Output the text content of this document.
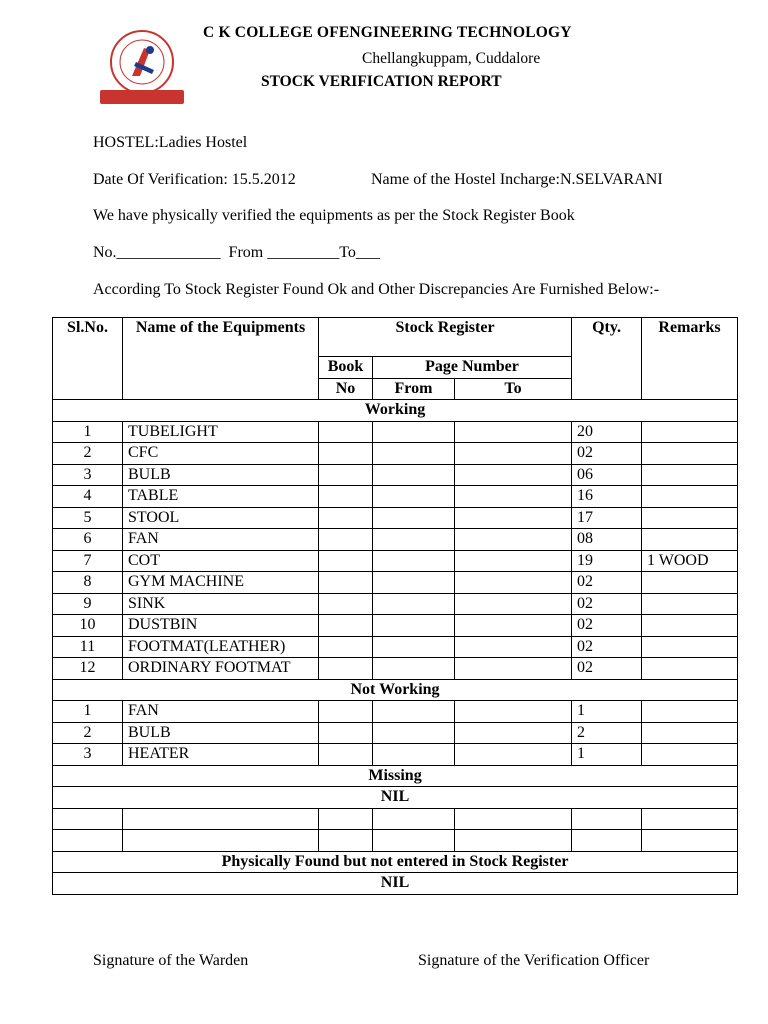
C K COLLEGE OFENGINEERING TECHNOLOGY
Chellangkuppam, Cuddalore
STOCK VERIFICATION REPORT
HOSTEL:Ladies Hostel
Date Of Verification: 15.5.2012	Name of the Hostel Incharge:N.SELVARANI
We have physically verified the equipments as per the Stock Register Book
No._____________  From _________To___
According To Stock Register Found Ok and Other Discrepancies Are Furnished Below:-
Sl.No.	Name of the Equipments	Stock Register			Qty.	Remarks
		Book	Page Number			
		No	From	To		
Working						
1	TUBELIGHT				20	
2	CFC				02	
3	BULB				06	
4	TABLE				16	
5	STOOL				17	
6	FAN				08	
7	COT				19	1 WOOD
8	GYM MACHINE				02	
9	SINK				02	
10	DUSTBIN				02	
11	FOOTMAT(LEATHER)				02	
12	ORDINARY FOOTMAT				02	
Not Working						
1	FAN				1	
2	BULB				2	
3	HEATER				1	
Missing						
NIL						

Physically Found but not entered in Stock Register						
NIL						
Signature of the Warden	Signature of the Verification Officer
